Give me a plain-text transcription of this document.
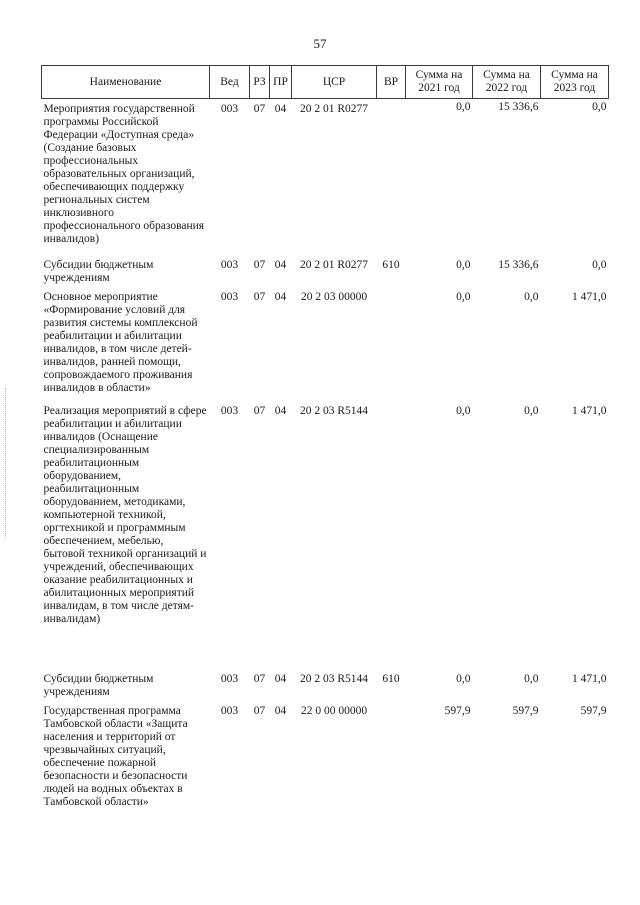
57
Наименование	Вед	РЗ	ПР	ЦСР	ВР	Сумма на 2021 год	Сумма на 2022 год	Сумма на 2023 год
Мероприятия государственной программы Российской Федерации «Доступная среда» (Создание базовых профессиональных образовательных организаций, обеспечивающих поддержку региональных систем инклюзивного профессионального образования инвалидов)	003	07	04	20 2 01 R0277		0,0	15 336,6	0,0
Субсидии бюджетным учреждениям	003	07	04	20 2 01 R0277	610	0,0	15 336,6	0,0
Основное мероприятие «Формирование условий для развития системы комплексной реабилитации и абилитации инвалидов, в том числе детей-инвалидов, ранней помощи, сопровождаемого проживания инвалидов в области»	003	07	04	20 2 03 00000		0,0	0,0	1 471,0
Реализация мероприятий в сфере реабилитации и абилитации инвалидов (Оснащение специализированным реабилитационным оборудованием, реабилитационным оборудованием, методиками, компьютерной техникой, оргтехникой и программным обеспечением, мебелью, бытовой техникой организаций и учреждений, обеспечивающих оказание реабилитационных и абилитационных мероприятий инвалидам, в том числе детям-инвалидам)	003	07	04	20 2 03 R5144		0,0	0,0	1 471,0
Субсидии бюджетным учреждениям	003	07	04	20 2 03 R5144	610	0,0	0,0	1 471,0
Государственная программа Тамбовской области «Защита населения и территорий от чрезвычайных ситуаций, обеспечение пожарной безопасности и безопасности людей на водных объектах в Тамбовской области»	003	07	04	22 0 00 00000		597,9	597,9	597,9
